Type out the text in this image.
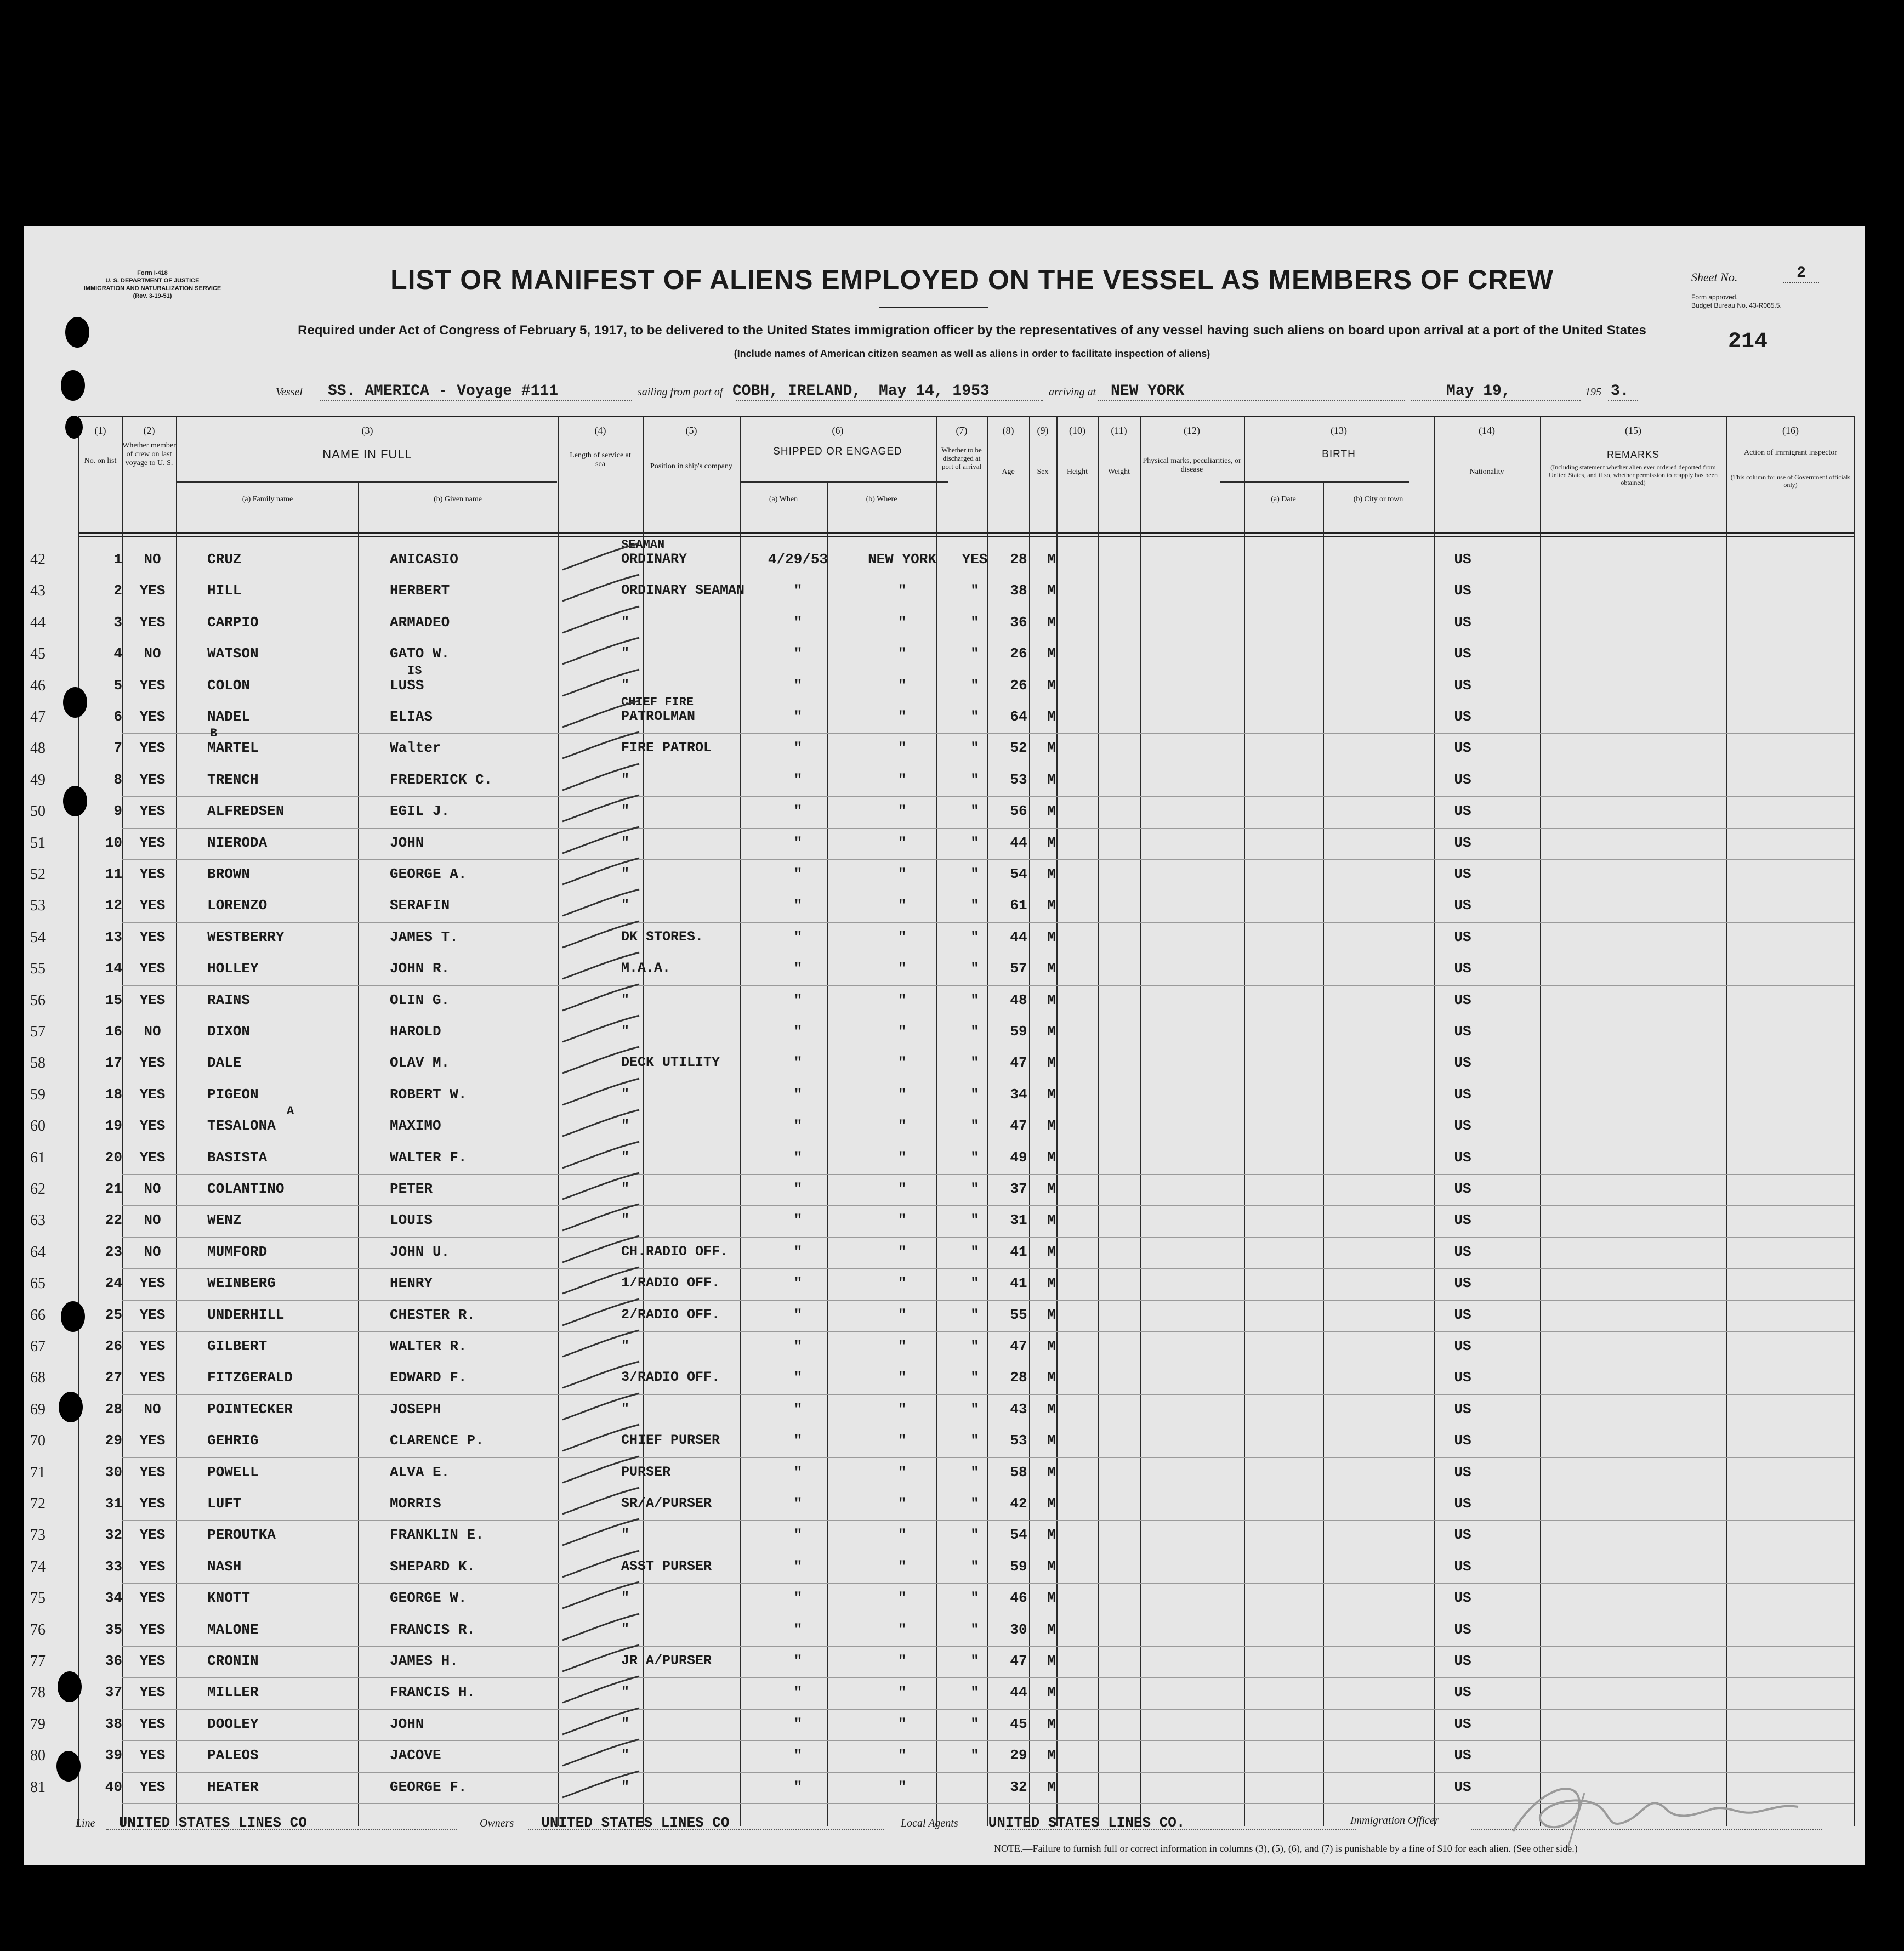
Form I-418
U. S. DEPARTMENT OF JUSTICE
IMMIGRATION AND NATURALIZATION SERVICE
(Rev. 3-19-51)
LIST OR MANIFEST OF ALIENS EMPLOYED ON THE VESSEL AS MEMBERS OF CREW	Sheet No.	2
Form approved.
Budget Bureau No. 43-R065.5.
214
Required under Act of Congress of February 5, 1917, to be delivered to the United States immigration officer by the representatives of any vessel having such aliens on board upon arrival at a port of the United States
(Include names of American citizen seamen as well as aliens in order to facilitate inspection of aliens)
Vessel SS. AMERICA - Voyage #111	sailing from port of COBH, IRELAND, May 14, 1953	arriving at NEW YORK	May 19,	195 3.
(1)
No. on list
(2)
Whether member of crew on last voyage to U. S.
(3)
NAME IN FULL
(a) Family name	(b) Given name
(4)
Length of service at sea
(5)
Position in ship's company
(6)
SHIPPED OR ENGAGED
(a) When	(b) Where
(7)
Whether to be discharged at port of arrival
(8)
Age
(9)
Sex
(10)
Height
(11)
Weight
(12)
Physical marks, peculiarities, or disease
(13)
BIRTH
(a) Date	(b) City or town
(14)
Nationality
(15)
REMARKS
(Including statement whether alien ever ordered deported from United States, and if so, whether permission to reapply has been obtained)
(16)
Action of immigrant inspector
(This column for use of Government officials only)
42	1	NO	CRUZ	ANICASIO	ORDINARY	4/29/53	NEW YORK	YES	28	M	US
SEAMAN
43	2	YES	HILL	HERBERT	ORDINARY SEAMAN	"	"	"	38	M	US
44	3	YES	CARPIO	ARMADEO	"	"	"	"	36	M	US
45	4	NO	WATSON	GATO W.	"	"	"	"	26	M	US
46	5	YES	COLON	LUSS	"	"	"	"	26	M	US
IS
47	6	YES	NADEL	ELIAS	PATROLMAN	"	"	"	64	M	US
CHIEF FIRE
48	7	YES	MARTEL	Walter	FIRE PATROL	"	"	"	52	M	US
B
49	8	YES	TRENCH	FREDERICK C.	"	"	"	"	53	M	US
50	9	YES	ALFREDSEN	EGIL J.	"	"	"	"	56	M	US
51	10	YES	NIERODA	JOHN	"	"	"	"	44	M	US
52	11	YES	BROWN	GEORGE A.	"	"	"	"	54	M	US
53	12	YES	LORENZO	SERAFIN	"	"	"	"	61	M	US
54	13	YES	WESTBERRY	JAMES T.	DK STORES.	"	"	"	44	M	US
55	14	YES	HOLLEY	JOHN R.	M.A.A.	"	"	"	57	M	US
56	15	YES	RAINS	OLIN G.	"	"	"	"	48	M	US
57	16	NO	DIXON	HAROLD	"	"	"	"	59	M	US
58	17	YES	DALE	OLAV M.	DECK UTILITY	"	"	"	47	M	US
59	18	YES	PIGEON	ROBERT W.	"	"	"	"	34	M	US
60	19	YES	TESALONA	MAXIMO	"	"	"	"	47	M	US
A
61	20	YES	BASISTA	WALTER F.	"	"	"	"	49	M	US
62	21	NO	COLANTINO	PETER	"	"	"	"	37	M	US
63	22	NO	WENZ	LOUIS	"	"	"	"	31	M	US
64	23	NO	MUMFORD	JOHN U.	CH.RADIO OFF.	"	"	"	41	M	US
65	24	YES	WEINBERG	HENRY	1/RADIO OFF.	"	"	"	41	M	US
66	25	YES	UNDERHILL	CHESTER R.	2/RADIO OFF.	"	"	"	55	M	US
67	26	YES	GILBERT	WALTER R.	"	"	"	"	47	M	US
68	27	YES	FITZGERALD	EDWARD F.	3/RADIO OFF.	"	"	"	28	M	US
69	28	NO	POINTECKER	JOSEPH	"	"	"	"	43	M	US
70	29	YES	GEHRIG	CLARENCE P.	CHIEF PURSER	"	"	"	53	M	US
71	30	YES	POWELL	ALVA E.	PURSER	"	"	"	58	M	US
72	31	YES	LUFT	MORRIS	SR/A/PURSER	"	"	"	42	M	US
73	32	YES	PEROUTKA	FRANKLIN E.	"	"	"	"	54	M	US
74	33	YES	NASH	SHEPARD K.	ASST PURSER	"	"	"	59	M	US
75	34	YES	KNOTT	GEORGE W.	"	"	"	"	46	M	US
76	35	YES	MALONE	FRANCIS R.	"	"	"	"	30	M	US
77	36	YES	CRONIN	JAMES H.	JR A/PURSER	"	"	"	47	M	US
78	37	YES	MILLER	FRANCIS H.	"	"	"	"	44	M	US
79	38	YES	DOOLEY	JOHN	"	"	"	"	45	M	US
80	39	YES	PALEOS	JACOVE	"	"	"	"	29	M	US
81	40	YES	HEATER	GEORGE F.	"	"	"	32	M	US
Line UNITED STATES LINES CO	Owners UNITED STATES LINES CO	Local Agents UNITED STATES LINES CO.	Immigration Officer
NOTE.—Failure to furnish full or correct information in columns (3), (5), (6), and (7) is punishable by a fine of $10 for each alien. (See other side.)
